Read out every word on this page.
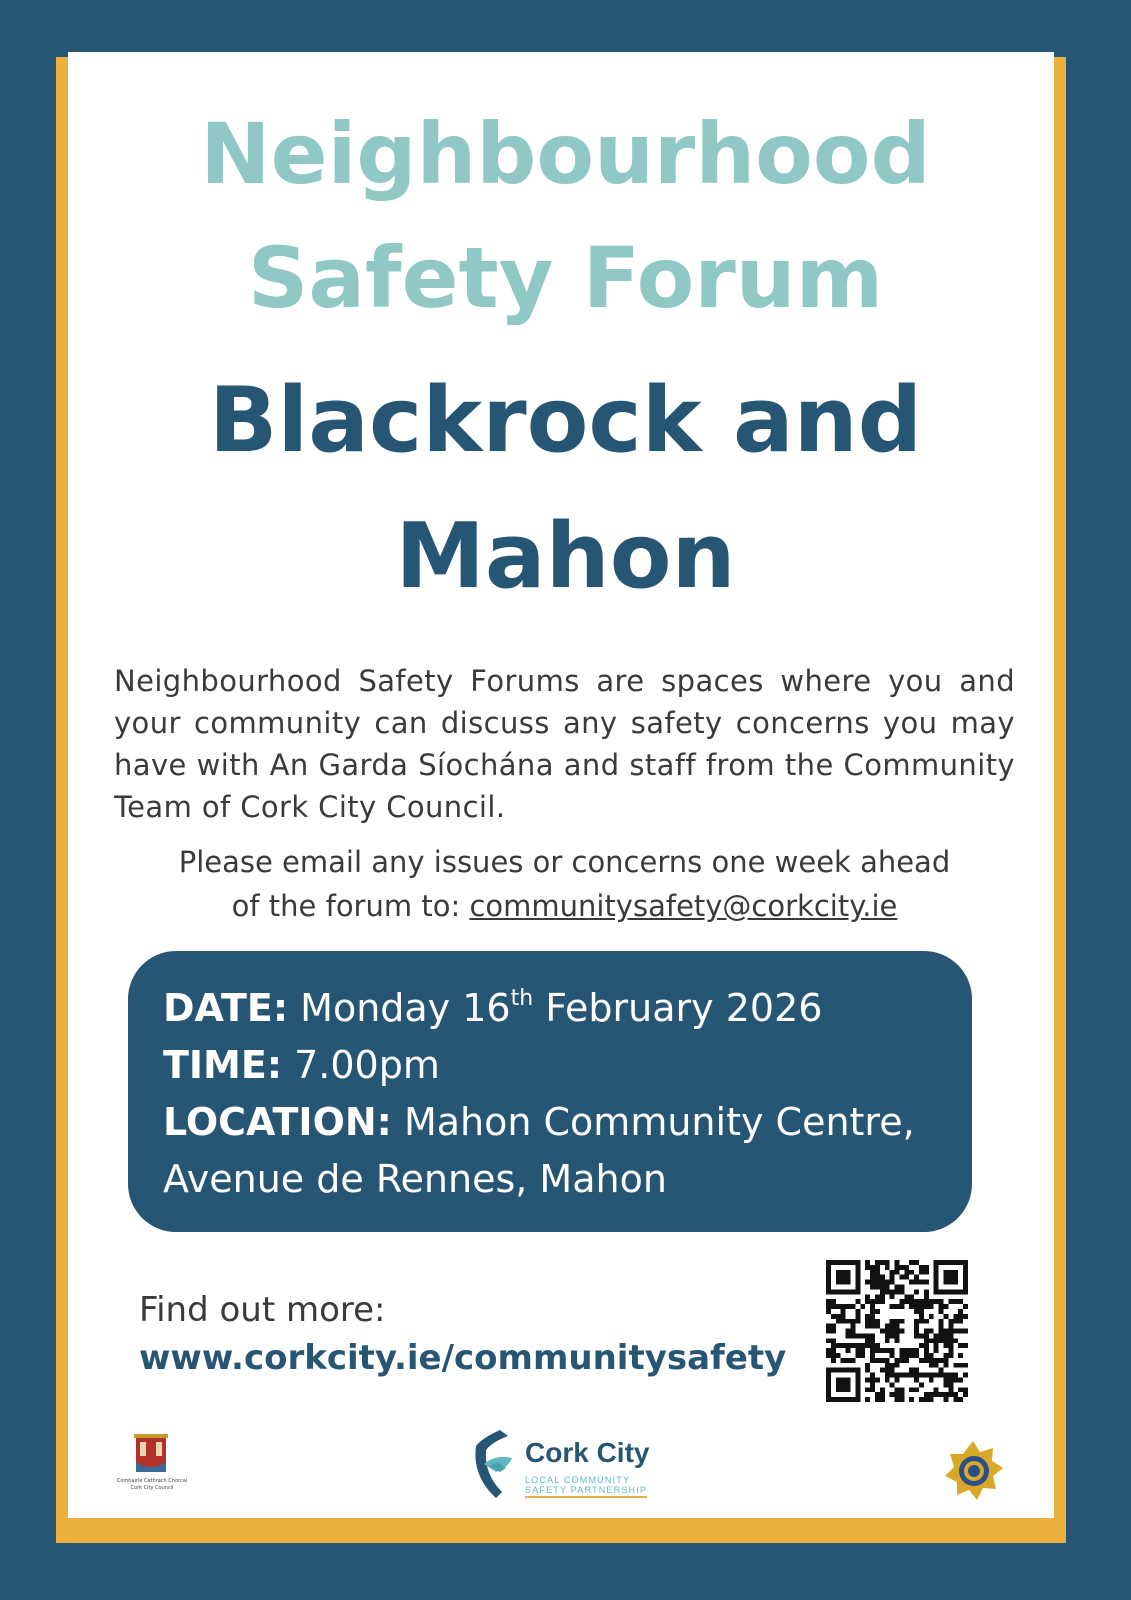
Neighbourhood
Safety Forum
Blackrock and
Mahon

Neighbourhood Safety Forums are spaces where you and your community can discuss any safety concerns you may have with An Garda Síochána and staff from the Community Team of Cork City Council.

Please email any issues or concerns one week ahead
of the forum to: communitysafety@corkcity.ie

DATE: Monday 16th February 2026
TIME: 7.00pm
LOCATION: Mahon Community Centre,
Avenue de Rennes, Mahon

Find out more:

www.corkcity.ie/communitysafety
Comhairle Cathrach Chorcaí
Cork City Council

Cork City

LOCAL COMMUNITY

SAFETY PARTNERSHIP
